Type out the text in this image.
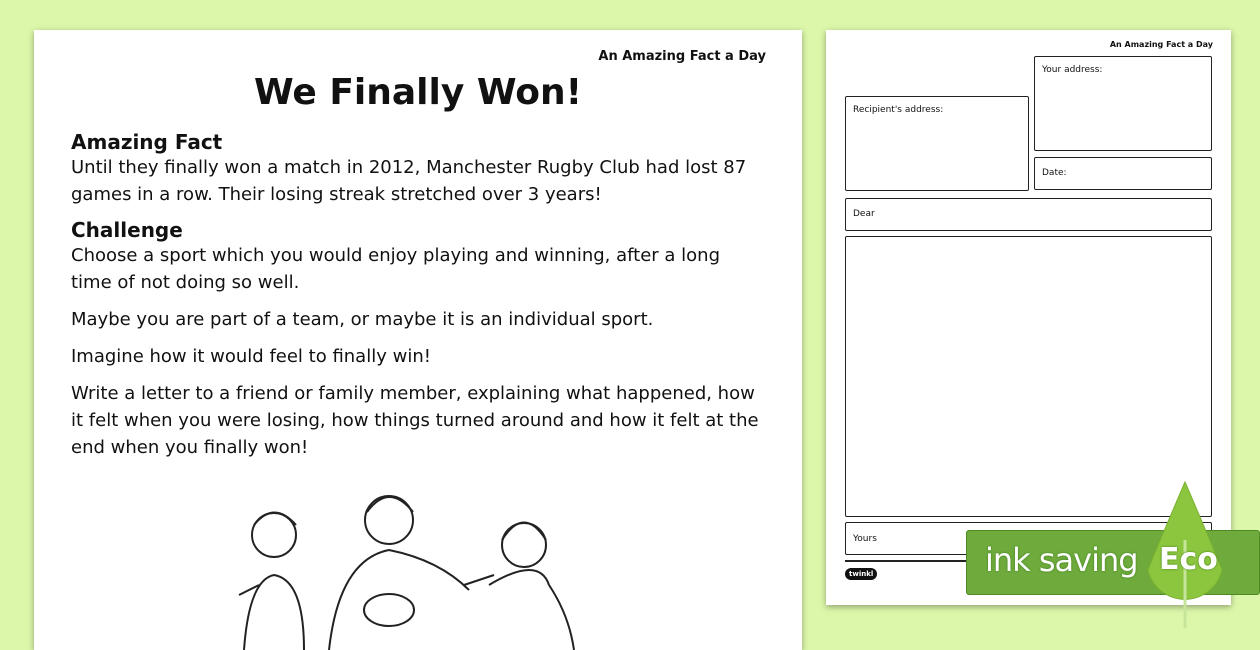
An Amazing Fact a Day
We Finally Won!
Amazing Fact

Until they finally won a match in 2012, Manchester Rugby Club had lost 87 games in a row. Their losing streak stretched over 3 years!

Challenge

Choose a sport which you would enjoy playing and winning, after a long time of not doing so well.

Maybe you are part of a team, or maybe it is an individual sport.

Imagine how it would feel to finally win!

Write a letter to a friend or family member, explaining what happened, how it felt when you were losing, how things turned around and how it felt at the end when you finally won!

An Amazing Fact a Day
Your address:
Recipient's address:
Date:
Dear
Yours
twinkl	ink saving Eco
